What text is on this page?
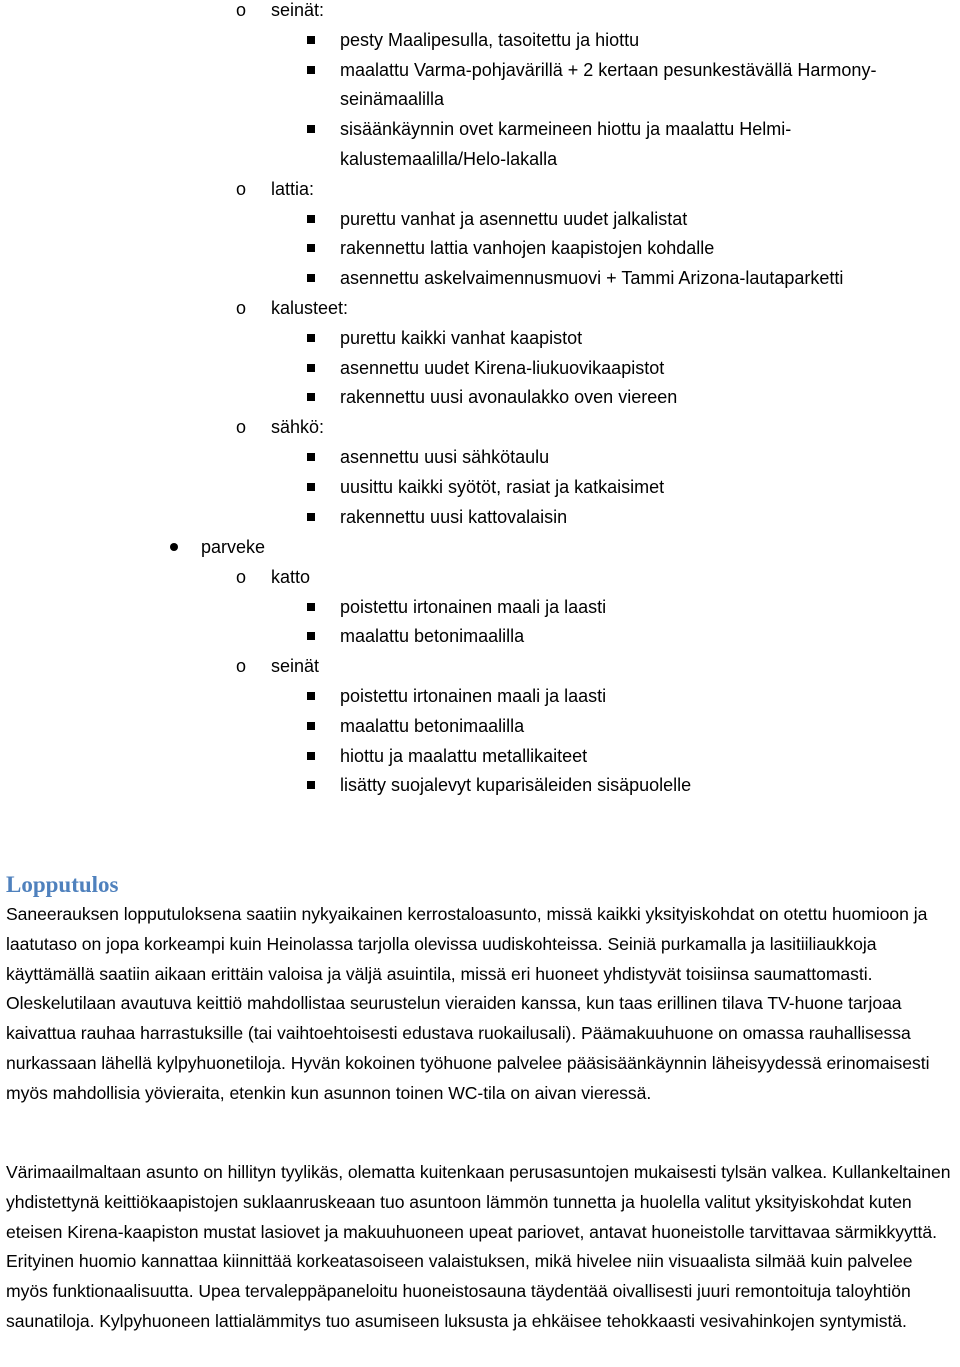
o seinät:
pesty Maalipesulla, tasoitettu ja hiottu
maalattu Varma-pohjavärillä + 2 kertaan pesunkestävällä Harmony-
seinämaalilla
sisäänkäynnin ovet karmeineen hiottu ja maalattu Helmi-
kalustemaalilla/Helo-lakalla
o lattia:
purettu vanhat ja asennettu uudet jalkalistat
rakennettu lattia vanhojen kaapistojen kohdalle
asennettu askelvaimennusmuovi + Tammi Arizona-lautaparketti
o kalusteet:
purettu kaikki vanhat kaapistot
asennettu uudet Kirena-liukuovikaapistot
rakennettu uusi avonaulakko oven viereen
o sähkö:
asennettu uusi sähkötaulu
uusittu kaikki syötöt, rasiat ja katkaisimet
rakennettu uusi kattovalaisin
parveke
o katto
poistettu irtonainen maali ja laasti
maalattu betonimaalilla
o seinät
poistettu irtonainen maali ja laasti
maalattu betonimaalilla
hiottu ja maalattu metallikaiteet
lisätty suojalevyt kuparisäleiden sisäpuolelle
Lopputulos

Saneerauksen lopputuloksena saatiin nykyaikainen kerrostaloasunto, missä kaikki yksityiskohdat on otettu huomioon ja laatutaso on jopa korkeampi kuin Heinolassa tarjolla olevissa uudiskohteissa. Seiniä purkamalla ja lasitiiliaukkoja käyttämällä saatiin aikaan erittäin valoisa ja väljä asuintila, missä eri huoneet yhdistyvät toisiinsa saumattomasti. Oleskelutilaan avautuva keittiö mahdollistaa seurustelun vieraiden kanssa, kun taas erillinen tilava TV-huone tarjoaa kaivattua rauhaa harrastuksille (tai vaihtoehtoisesti edustava ruokailusali). Päämakuuhuone on omassa rauhallisessa nurkassaan lähellä kylpyhuonetiloja. Hyvän kokoinen työhuone palvelee pääsisäänkäynnin läheisyydessä erinomaisesti myös mahdollisia yövieraita, etenkin kun asunnon toinen WC-tila on aivan vieressä.

Värimaailmaltaan asunto on hillityn tyylikäs, olematta kuitenkaan perusasuntojen mukaisesti tylsän valkea. Kullankeltainen yhdistettynä keittiökaapistojen suklaanruskeaan tuo asuntoon lämmön tunnetta ja huolella valitut yksityiskohdat kuten eteisen Kirena-kaapiston mustat lasiovet ja makuuhuoneen upeat pariovet, antavat huoneistolle tarvittavaa särmikkyyttä. Erityinen huomio kannattaa kiinnittää korkeatasoiseen valaistuksen, mikä hivelee niin visuaalista silmää kuin palvelee myös funktionaalisuutta. Upea tervaleppäpaneloitu huoneistosauna täydentää oivallisesti juuri remontoituja taloyhtiön saunatiloja. Kylpyhuoneen lattialämmitys tuo asumiseen luksusta ja ehkäisee tehokkaasti vesivahinkojen syntymistä.
